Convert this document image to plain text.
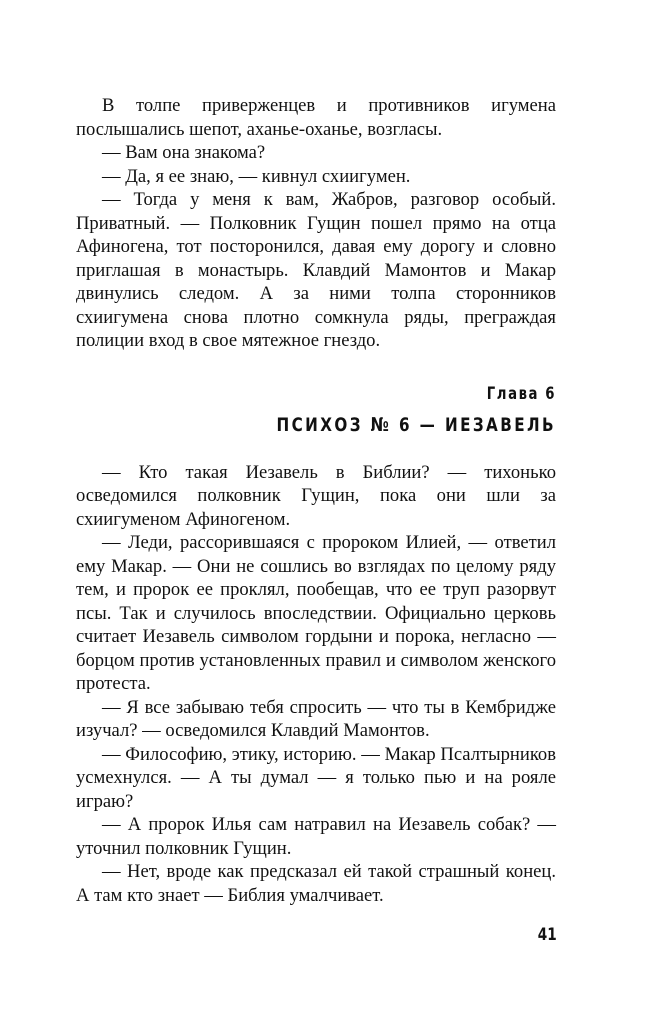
В толпе приверженцев и противников игумена послышались шепот, аханье-оханье, возгласы.

— Вам она знакома?

— Да, я ее знаю, — кивнул схиигумен.

— Тогда у меня к вам, Жабров, разговор особый. Приватный. — Полковник Гущин пошел прямо на отца Афиногена, тот посторонился, давая ему дорогу и словно приглашая в монастырь. Клавдий Мамонтов и Макар двинулись следом. А за ними толпа сторонников схиигумена снова плотно сомкнула ряды, преграждая полиции вход в свое мятежное гнездо.

Глава 6
ПСИХОЗ № 6 — ИЕЗАВЕЛЬ

— Кто такая Иезавель в Библии? — тихонько осведомился полковник Гущин, пока они шли за схиигуменом Афиногеном.

— Леди, рассорившаяся с пророком Илией, — ответил ему Макар. — Они не сошлись во взглядах по целому ряду тем, и пророк ее проклял, пообещав, что ее труп разорвут псы. Так и случилось впоследствии. Официально церковь считает Иезавель символом гордыни и порока, негласно — борцом против установленных правил и символом женского протеста.

— Я все забываю тебя спросить — что ты в Кембридже изучал? — осведомился Клавдий Мамонтов.

— Философию, этику, историю. — Макар Псалтырников усмехнулся. — А ты думал — я только пью и на рояле играю?

— А пророк Илья сам натравил на Иезавель собак? — уточнил полковник Гущин.

— Нет, вроде как предсказал ей такой страшный конец. А там кто знает — Библия умалчивает.

41
